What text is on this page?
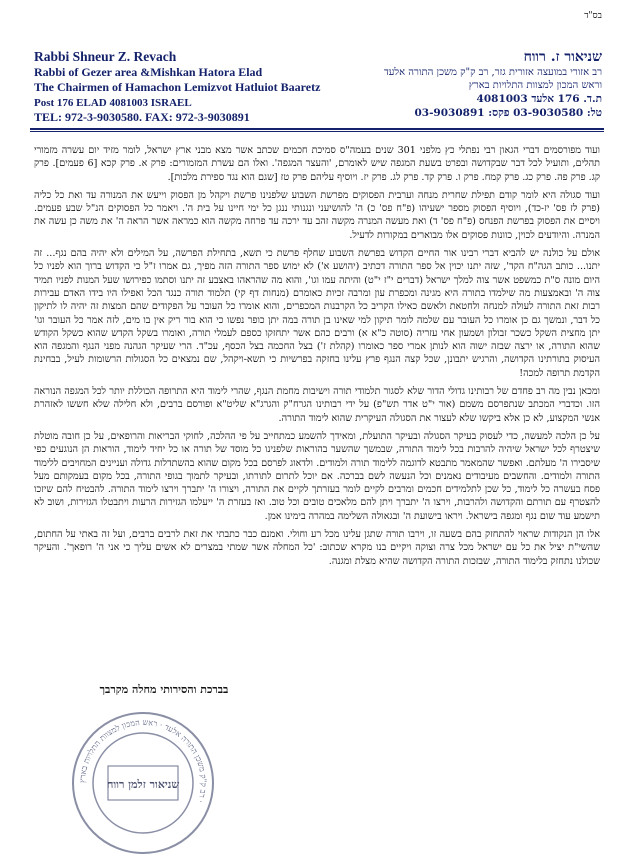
בס"ד
Rabbi Shneur Z. Revach
Rabbi of Gezer area &Mishkan Hatora Elad
The Chairmen of Hamachon Lemizvot Hatluiot Baaretz
Post 176 ELAD 4081003 ISRAEL
TEL: 972-3-9030580. FAX: 972-3-9030891
שניאור ז. רווח
רב אזורי במועצה אזורית גזר, רב ק"ק משכן התורה אלעד
וראש המכון למצוות התלויות בארץ
ת.ד. 176 אלעד 4081003
טל: 03-9030580 פקס: 03-9030891

ועוד מפורסמים דברי הגאון רבי נפתלי כץ מלפני 301 שנים בעמה"ס סמיכת חכמים שכתב אשר מצא מבני ארץ ישראל, לומר מזיד יום עשרה מזמורי תהלים, ותועיל לכל דבר שבקדושה ובפרט בשעת המגפה שיש לאומרם, 'והעצר המגפה'. ואלו הם עשרת המזמורים: פרק א. פרק קכא [6 פעמים]. פרק קג. פרק פה. פרק כג. פרק קמח. פרק ו. פרק קד. פרק לג. פרק יז. ויוסיף עליהם פרק טז [שגם הוא נגד ספירת מלכות].

ועוד סגולה היא לומר קודם תפילת שחרית מנחה וערבית הפסוקים מפרשת השבוע שלפנינו פרשת ויקהל מן הפסוק וייעש את המנורה עד ואת כל כליה (פרק לז פס' יז-כד), ויוסיף הפסוק מספר ישעיהו (פ"ח פס' כ) ה' להושיעני ונגנותי ננגן כל ימי חיינו על בית ה'. ויאמר כל הפסוקים הנ"ל שבע פעמים. ויסיים את הפסוק בפרשת הפנחס (פ"ח פס' ד) ואת מעשה המנרה מקשה זהב עד ירכה עד פרחה מקשה הוא כמראה אשר הראה ה' את משה כן עשה את המנרה. והיודעים לכוין, כוונות פסוקים אלו מבוארים במקורות לדעיל.

אולם על כולנה יש להביא דברי רבינו אור החיים הקדוש בפרשת השבוע שחלף פרשת כי תשא, בתחילת הפרשה, על המילים ולא יהיה בהם נגף... זה יתנו... כותב הגה"ח הקד', שזה יתנו יכוין אל ספר התורה דכתיב (יהושע א') לא ימוש ספר התורה הזה מפיך, גם אמרו ז"ל כי הקדוש ברוך הוא לפניו כל היום מונה ס"ת כמשפט אשר צוה למלך ישראל (דברים י"ז י"ט) והיתה עמו וגו', והוא מה שהראהו באצבע זה יתנו וסתמו כפירושו שעל המנות לפניו תמיד צוה ה' ובאמצעות מה שילמדו בתורה היא מגינה ומכפרת עון ומרבה זכיות כאומרם (מנחות דף קי) תלמוד תורה כנגד הכל ואפילו היו בידו האדם עבירות רבות זאת התורה לעולה למנחה ולחטאת ולאשם כאילו הקריב כל הקרבנות המכפרים, והוא אומרו כל העובר על הפקודים שהם המצות זה יהיה לו לתיקון כל דבר, ונמשך גם כן אומרו כל העובר עם שלמה לומר תיקון למי שאינו בן תורה במה יתן כופר נפשו כי הוא בור ריק אין בו מים, לזה אמר כל העובר וגו' יתן מחצית השקל כשכר זבולון ושמעון אחי עזריה (סוטה כ"א א) ורבים כהם אשר יתחזקו כספם לעמלי תורה, ואומרו בשקל הקדש שהוא כשקל הקודש שהוא התורה, או ירצה שבזה ישוה הוא לנותן אמרי ספר כאומרו (קהלת ז') בצל החכמה בצל הכסף, עכ"ד. הרי שעיקר הגהנה מפני הנגף והמגפה הוא העיסוק בתורתינו הקדושה, והרגיש יתבונן, שכל קצה הנגף פרץ עלינו בחזקה בפרשיות כי תשא-ויקהל, שם נמצאים כל הסגולות הרשומות לעיל, בבחינת הקדמת תרופה למכה!

ומכאן נבין מה רב פחדם של רבותינו גדולי הדור שלא לסגור תלמודי תורה וישיבות מחמת הנגף, שהרי לימוד היא התרופה הכוללת יותר לכל המגפה הנוראה הזו. וכדברי המכתב שנתפרסם משמם (אור י"ט אדר תש"פ) על ידי רבותינו הגרח"ק והגרג"א שליט"א ופורסם ברבים, ולא חלילה שלא חששו לאזהרת אנשי המקצוע, לא כן אלא ביקשו שלא לעצור את הסגולה העיקרית שהוא לימוד התורה.

על כן הלכה למעשה, כדי לעסוק בעיקר הסגולה ובעיקר התועלת, ומאידך להשמע כמתחייב על פי ההלכה, לחוקי הבריאות והרופאים, על כן חובה מוטלת שיצטרף לכל ישראל שיהיה להרבות בכל לימוד התורה, שבמשך שהשער בהוראות שלפנינו כל מוסד של תורה או כל יחיד לימוד, הוראות הן הנוגעים כפי שיסבירו ה' מעלתם. ואפשר שהמאמר מתבטא לדוגמה ללימוד תורה ולמודים. ולדאוג לפרסם בכל מקום שהוא בהשתדלות גדולה ועניינים המחויבים ללימוד התורה ולמודים. והחשבים מעיבודים נאמנים וכל הנעשה לשם בברכה. אם יוכל לתרום לתורתו, ובעיקר לתמוך בגופי התורה, בכל מקום בעמקותם מעל פסח בעשרה כל לימוד, כל שכן לתלמידים חכמים ומרבים לקיים לומר בעזרתך לקיים את התורה, ויצורו ה' יתברך וירצו לימוד התורה. להבטיח להם שיזכו להצטרף עם תורתם והקדושה ולהרבות, וירצו ה' יתברך ויתן להם מלאכים טובים וכל טוב. ואז בעזרת ה' ייעלמו הגזירות הרעות ויתבטלו הגזירות, ושוב לא תישמע עוד שום נגף ומגפה בישראל. ויראו בישועת ה' ובגאולה השלימה במהרה בימינו אמן.

אלו הן הנקודות שראוי להתחזק בהם בשעה זו, וירבו תורה שתגן עלינו מכל רע וחולי. ואמנם כבר כתבתי את זאת לרבים ברבים, ועל זה באתי על החתום, שהשי"ת יציל את כל עם ישראל מכל צרה וצוקה ויקיים בנו מקרא שכתוב: 'כל המחלה אשר שמתי במצרים לא אשים עליך כי אני ה' רופאך'. והעיקר שכולנו נתחזק בלימוד התורה, שבזכות התורה הקדושה שהיא מצלת ומגנה.

בברכת והסירותי מחלה מקרבך
רב ק"ק משכן התורה אלעד · ראש המכון למצוות התלויות בארץ ·
שניאור זלמן רווח
